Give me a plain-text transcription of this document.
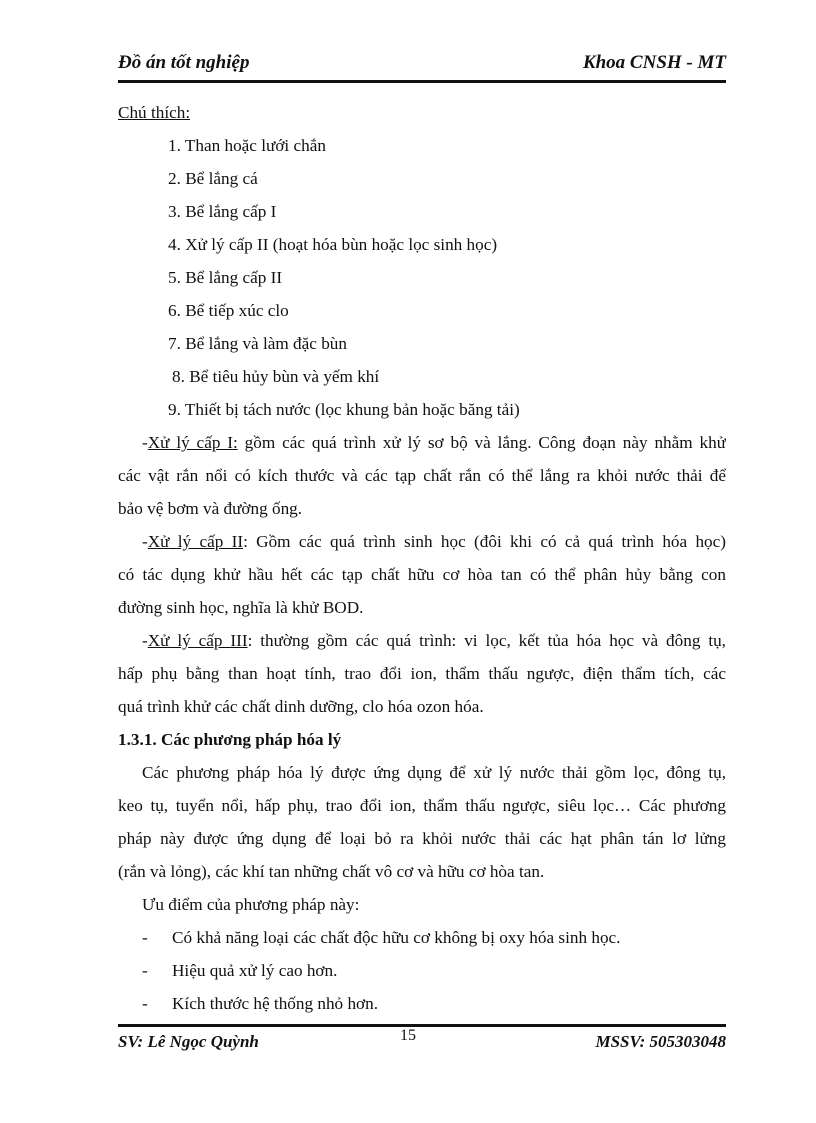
Đồ án tốt nghiệp	Khoa CNSH - MT
Chú thích:
1. Than hoặc lưới chắn
2. Bể lắng cá
3. Bể lắng cấp I
4. Xử lý cấp II (hoạt hóa bùn hoặc lọc sinh học)
5. Bể lắng cấp II
6. Bể tiếp xúc clo
7. Bể lắng và làm đặc bùn
8. Bể tiêu hủy bùn và yếm khí
9. Thiết bị tách nước (lọc khung bản hoặc băng tải)
-Xử lý cấp I: gồm các quá trình xử lý sơ bộ và lắng. Công đoạn này nhằm khử
các vật rắn nổi có kích thước và các tạp chất rắn có thể lắng ra khỏi nước thải để
bảo vệ bơm và đường ống.
-Xử lý cấp II: Gồm các quá trình sinh học (đôi khi có cả quá trình hóa học)
có tác dụng khử hầu hết các tạp chất hữu cơ hòa tan có thể phân hủy bằng con
đường sinh học, nghĩa là khử BOD.
-Xử lý cấp III: thường gồm các quá trình: vi lọc, kết tủa hóa học và đông tụ,
hấp phụ bằng than hoạt tính, trao đổi ion, thẩm thấu ngược, điện thẩm tích, các
quá trình khử các chất dinh dưỡng, clo hóa ozon hóa.
1.3.1. Các phương pháp hóa lý
Các phương pháp hóa lý được ứng dụng để xử lý nước thải gồm lọc, đông tụ,
keo tụ, tuyển nổi, hấp phụ, trao đổi ion, thẩm thấu ngược, siêu lọc… Các phương
pháp này được ứng dụng để loại bỏ ra khỏi nước thải các hạt phân tán lơ lửng
(rắn và lỏng), các khí tan những chất vô cơ và hữu cơ hòa tan.
Ưu điểm của phương pháp này:
-	Có khả năng loại các chất độc hữu cơ không bị oxy hóa sinh học.
-	Hiệu quả xử lý cao hơn.
-	Kích thước hệ thống nhỏ hơn.
SV: Lê Ngọc Quỳnh	15	MSSV: 505303048
